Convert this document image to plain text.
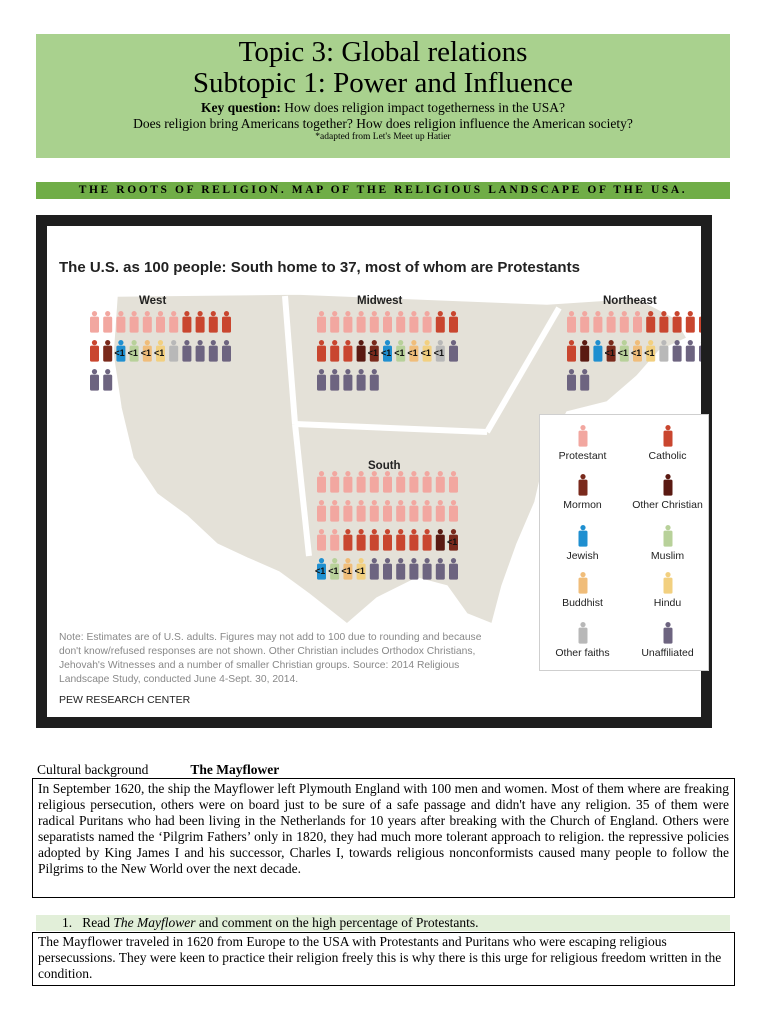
Topic 3: Global relations
Subtopic 1: Power and Influence
Key question: How does religion impact togetherness in the USA?
Does religion bring Americans together? How does religion influence the American society?
*adapted from Let's Meet up Hatier
THE ROOTS OF RELIGION. MAP OF THE RELIGIOUS LANDSCAPE OF THE USA.
<1 <1 <1 <1	<1 <1 <1 <1 <1 <1	<1 <1 <1 <1
<1
<1 <1 <1 <1
The U.S. as 100 people: South home to 37, most of whom are Protestants
West	Midwest	Northeast
South
Protestant	Catholic
Mormon	Other Christian
Jewish	Muslim
Buddhist	Hindu
Other faiths	Unaffiliated
Note: Estimates are of U.S. adults. Figures may not add to 100 due to rounding and because don't know/refused responses are not shown. Other Christian includes Orthodox Christians, Jehovah's Witnesses and a number of smaller Christian groups. Source: 2014 Religious Landscape Study, conducted June 4-Sept. 30, 2014.
PEW RESEARCH CENTER
Cultural background	The Mayflower
In September 1620, the ship the Mayflower left Plymouth England with 100 men and women. Most of them where are freaking religious persecution, others were on board just to be sure of a safe passage and didn't have any religion. 35 of them were radical Puritans who had been living in the Netherlands for 10 years after breaking with the Church of England. Others were separatists named the ‘Pilgrim Fathers’ only in 1820, they had much more tolerant approach to religion. the repressive policies adopted by King James I and his successor, Charles I, towards religious nonconformists caused many people to follow the Pilgrims to the New World over the next decade.
1. Read The Mayflower and comment on the high percentage of Protestants.
The Mayflower traveled in 1620 from Europe to the USA with Protestants and Puritans who were escaping religious persecussions. They were keen to practice their religion freely this is why there is this urge for religious freedom written in the condition.
